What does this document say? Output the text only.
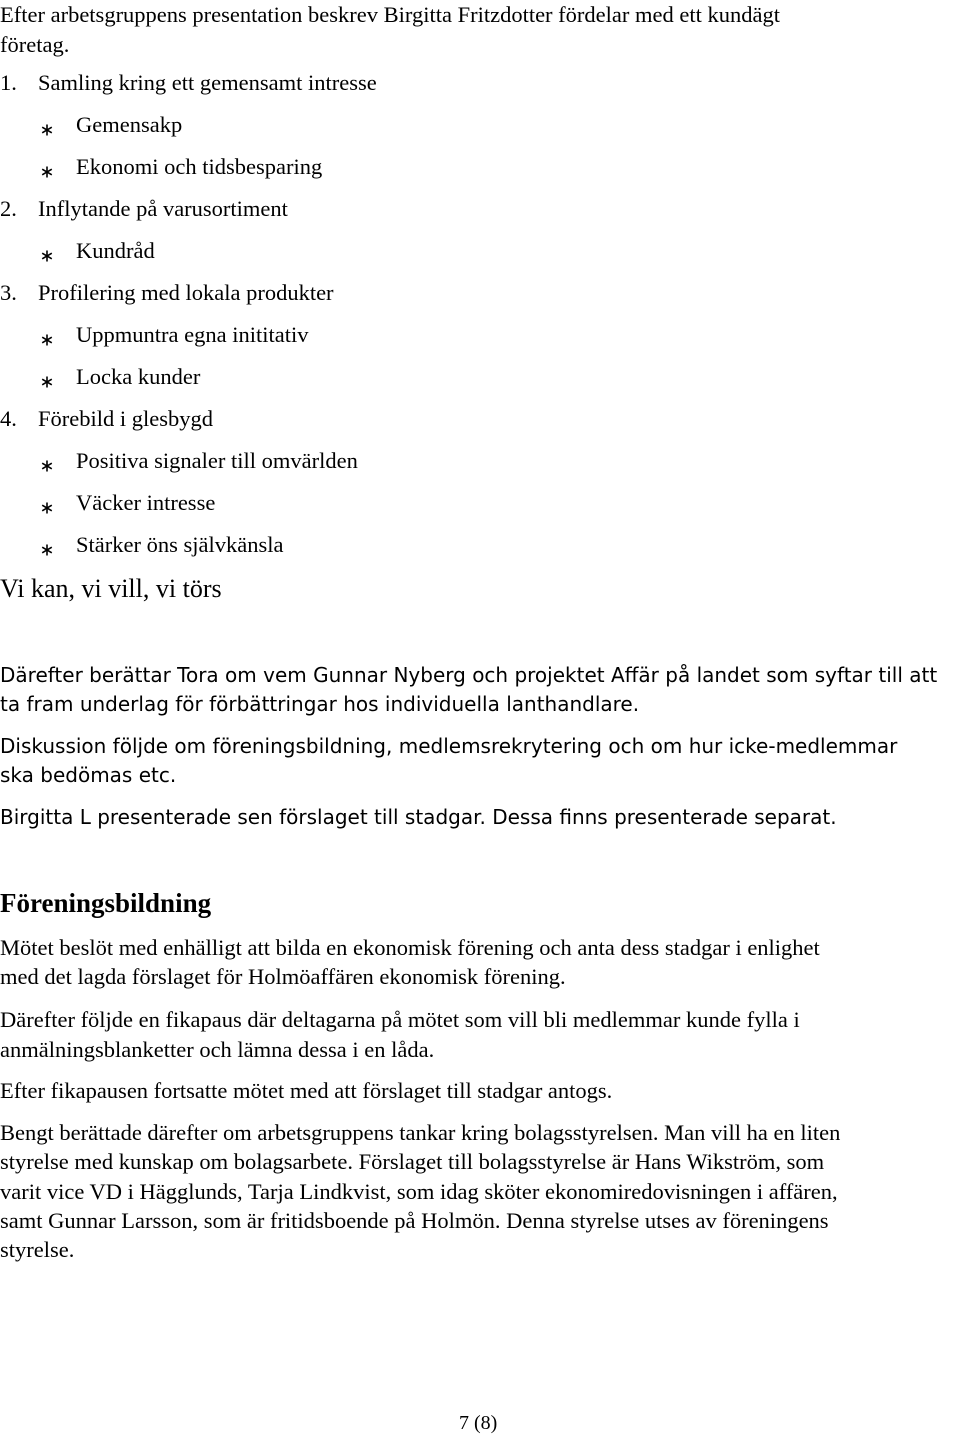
Efter arbetsgruppens presentation beskrev Birgitta Fritzdotter fördelar med ett kundägt

företag.

1. Samling kring ett gemensamt intresse

Gemensakp

Ekonomi och tidsbesparing

2. Inflytande på varusortiment

Kundråd

3. Profilering med lokala produkter

Uppmuntra egna inititativ

Locka kunder

4. Förebild i glesbygd

Positiva signaler till omvärlden

Väcker intresse

Stärker öns självkänsla

Vi kan, vi vill, vi törs

Därefter berättar Tora om vem Gunnar Nyberg och projektet Affär på landet som syftar till att

ta fram underlag för förbättringar hos individuella lanthandlare.

Diskussion följde om föreningsbildning, medlemsrekrytering och om hur icke-medlemmar

ska bedömas etc.

Birgitta L presenterade sen förslaget till stadgar. Dessa finns presenterade separat.

Föreningsbildning

Mötet beslöt med enhälligt att bilda en ekonomisk förening och anta dess stadgar i enlighet

med det lagda förslaget för Holmöaffären ekonomisk förening.

Därefter följde en fikapaus där deltagarna på mötet som vill bli medlemmar kunde fylla i

anmälningsblanketter och lämna dessa i en låda.

Efter fikapausen fortsatte mötet med att förslaget till stadgar antogs.

Bengt berättade därefter om arbetsgruppens tankar kring bolagsstyrelsen. Man vill ha en liten

styrelse med kunskap om bolagsarbete. Förslaget till bolagsstyrelse är Hans Wikström, som

varit vice VD i Hägglunds, Tarja Lindkvist, som idag sköter ekonomiredovisningen i affären,

samt Gunnar Larsson, som är fritidsboende på Holmön. Denna styrelse utses av föreningens

styrelse.

7 (8)
